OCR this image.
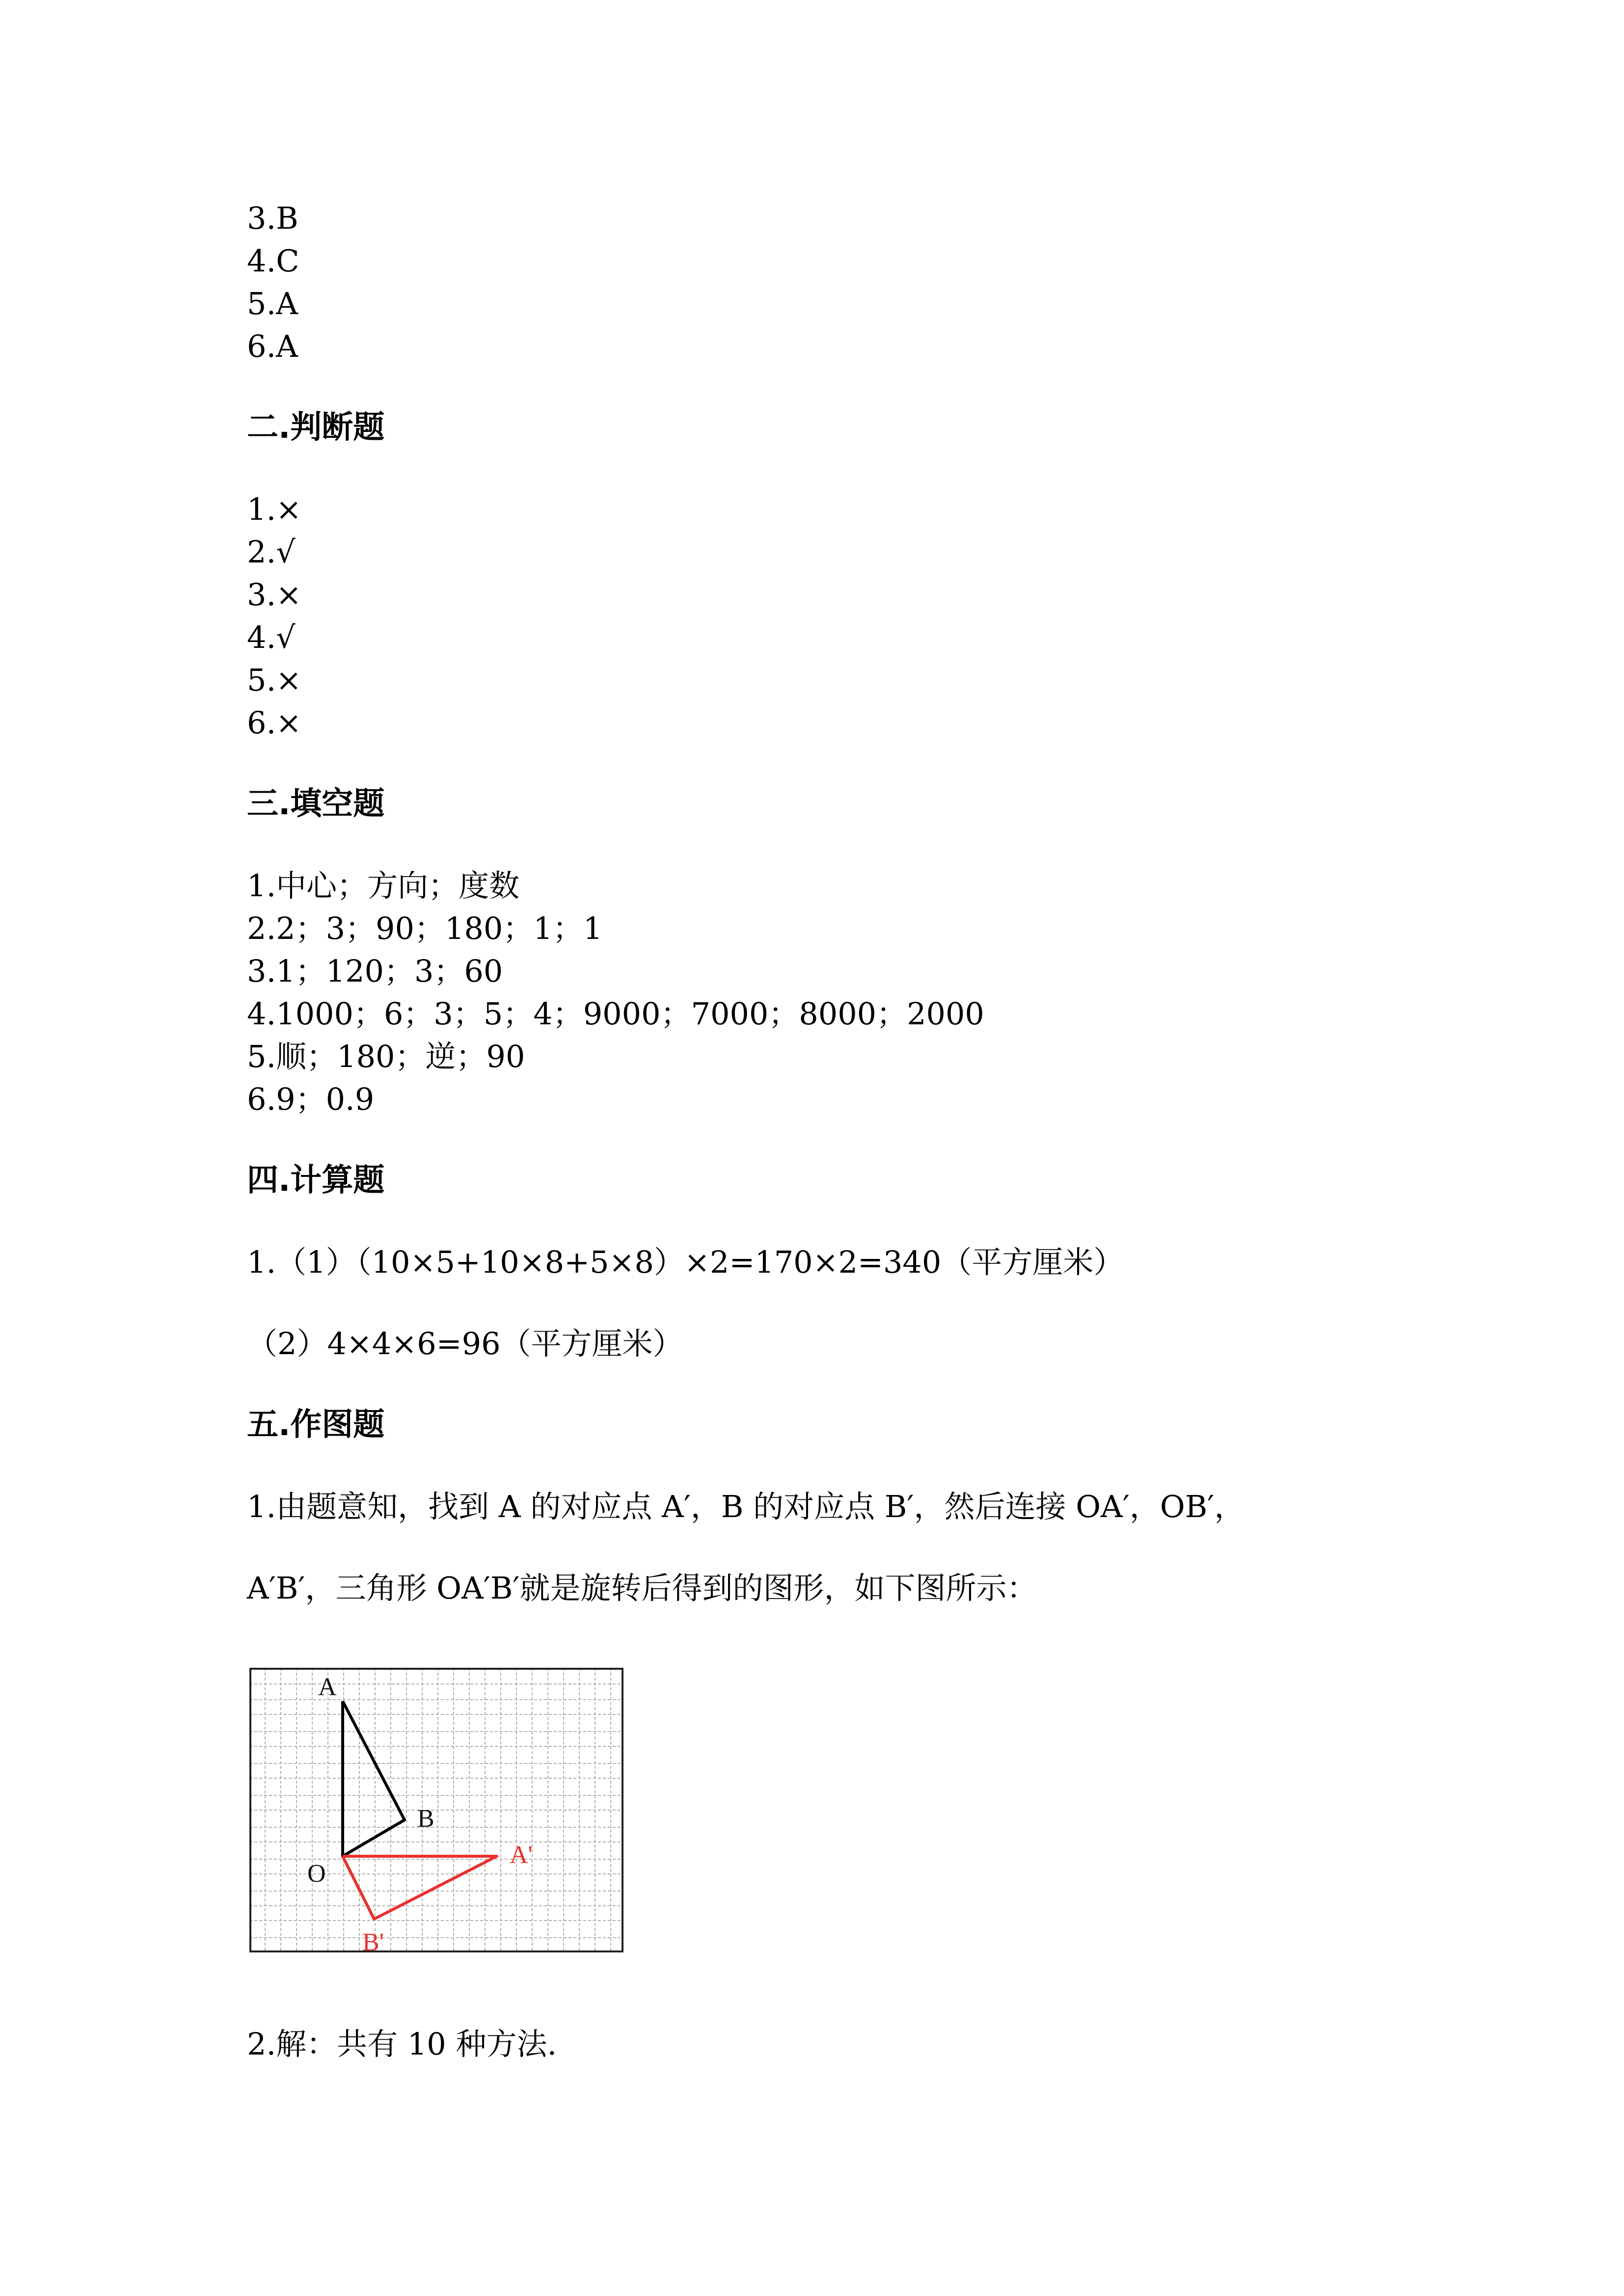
3.B

4.C

5.A

6.A

二.判断题

1.×

2.√

3.×

4.√

5.×

6.×

三.填空题

1.中心；方向；度数

2.2；3；90；180；1；1

3.1；120；3；60

4.1000；6；3；5；4；9000；7000；8000；2000

5.顺；180；逆；90

6.9；0.9

四.计算题

1.（1）（10×5+10×8+5×8）×2=170×2=340（平方厘米）

（2）4×4×6=96（平方厘米）

五.作图题

1.由题意知，找到 A 的对应点 A′，B 的对应点 B′，然后连接 OA′，OB′，

A′B′，三角形 OA′B′就是旋转后得到的图形，如下图所示：

A
B
O
A'
B'

2.解：共有 10 种方法.
